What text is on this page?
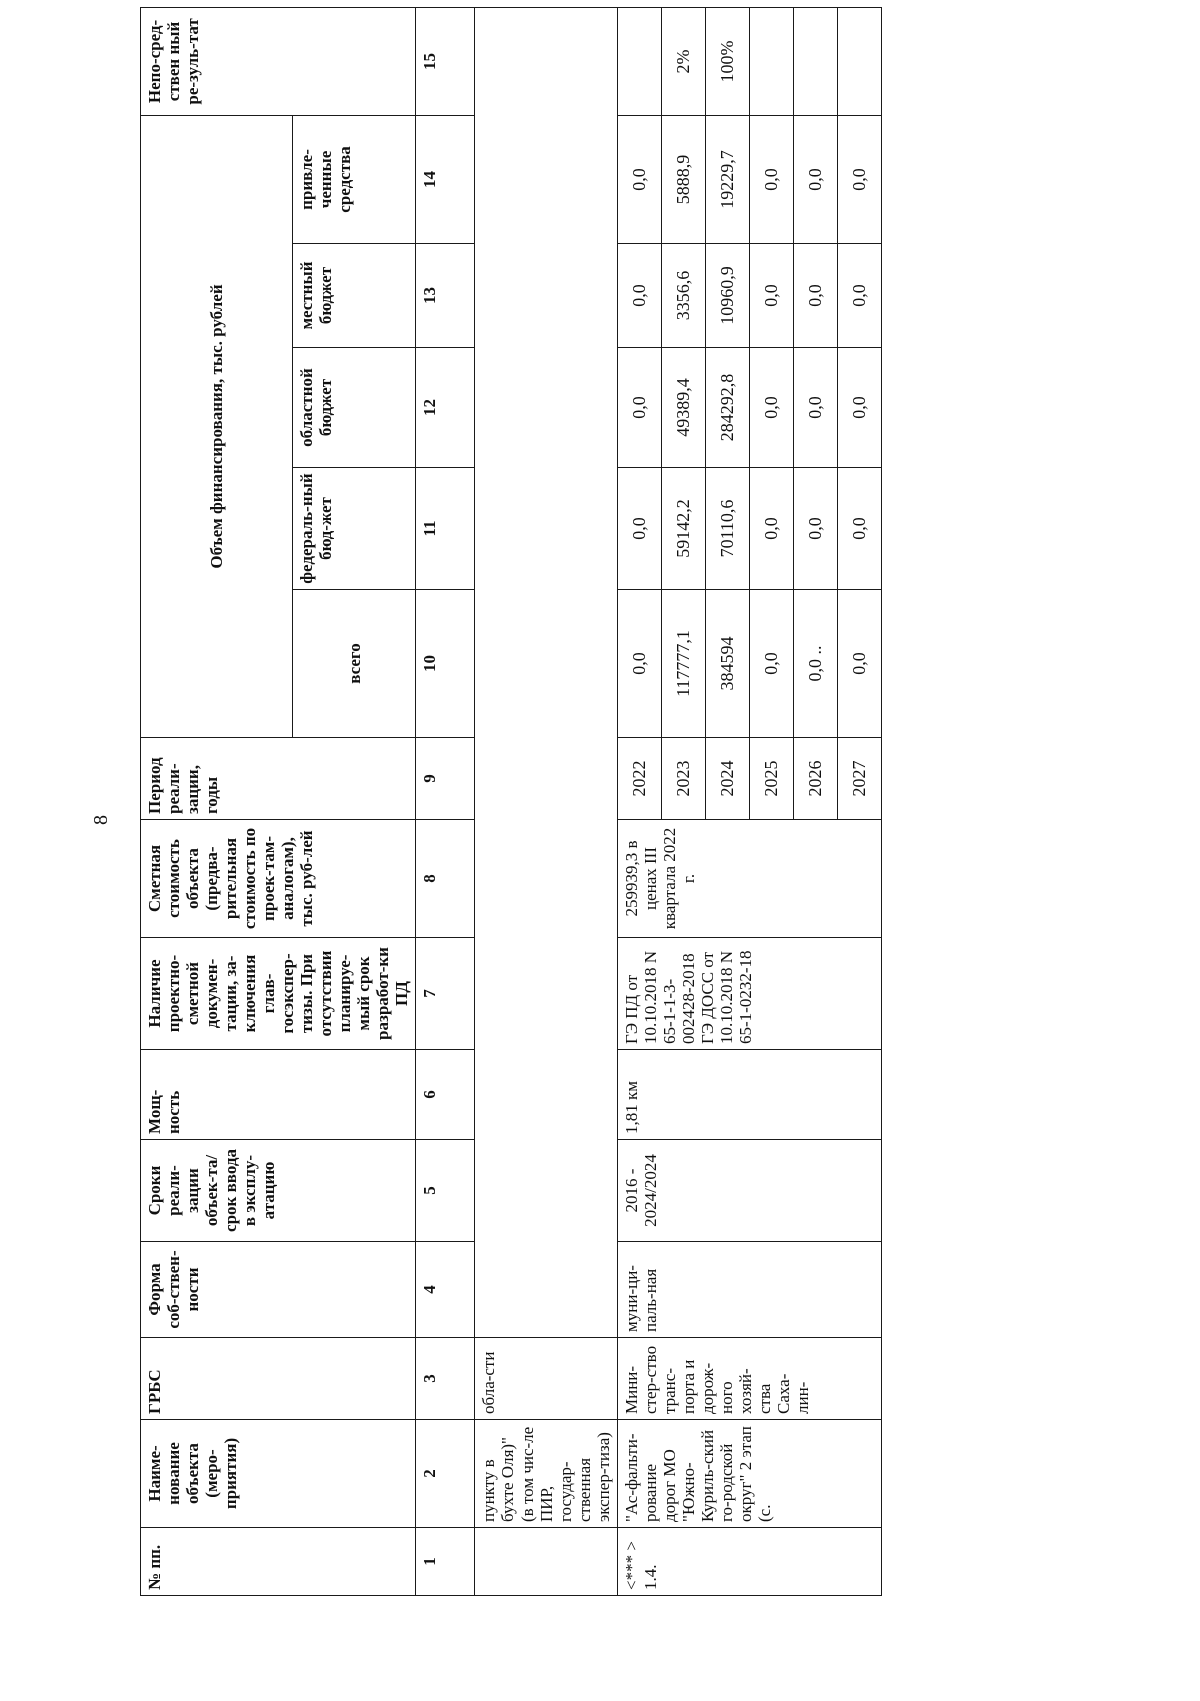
8
№ пп.	Наиме-нование объекта (меро-приятия)	ГРБС	Форма соб-ствен-ности	Сроки реали-зации объек-та/срок ввода в эксплу-атацию	Мощ-ность	Наличие проектно-сметной докумен-тации, за-ключения глав-госэкспер-тизы. При отсутствии планируе-мый срок разработ-ки ПД	Сметная стоимость объекта (предва-рительная стоимость по проек-там-аналогам), тыс. руб-лей	Период реали-зации, годы	Объем финансирования, тыс. рублей					Непо-сред-ствен ный ре-зуль-тат
									всего	федераль-ный бюд-жет	областной бюджет	местный бюджет	привле-ченные средства	
1	2	3	4	5	6	7	8	9	10	11	12	13	14	15
	пункту в бухте Оля)" (в том чис-ле ПИР, государ-ственная экспер-тиза)	обла-сти												
<*** > 1.4.	"Ас-фальти-рование дорог МО "Южно-Куриль-ский го-родской округ" 2 этап (с.	Мини-стер-ство транс-порта и дорож-ного хозяй-ства Саха-лин-	муни-ци-паль-ная	2016 - 2024/2024	1,81 км	ГЭ ПД от 10.10.2018 N 65-1-1-3-002428-2018 ГЭ ДОСС от 10.10.2018 N 65-1-0232-18	259939,3 в ценах III квартала 2022 г.	2022	0,0	0,0	0,0	0,0	0,0	
								2023	117777,1	59142,2	49389,4	3356,6	5888,9	2%
								2024	384594	70110,6	284292,8	10960,9	19229,7	100%
								2025	0,0	0,0	0,0	0,0	0,0	
								2026	0,0 ..	0,0	0,0	0,0	0,0	
								2027	0,0	0,0	0,0	0,0	0,0	
